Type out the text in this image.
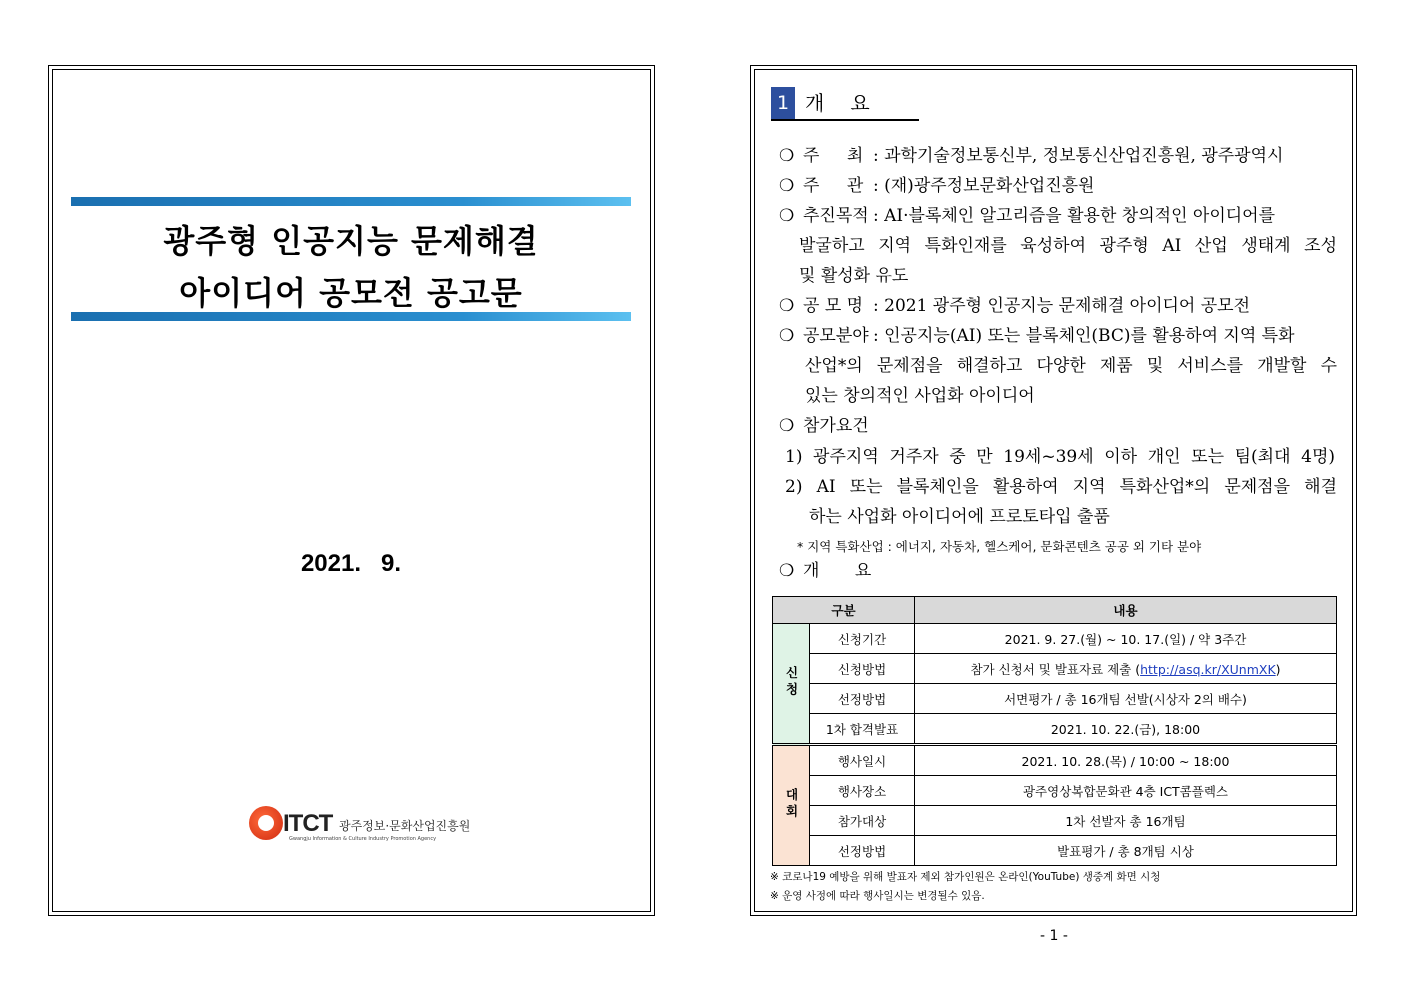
광주형 인공지능 문제해결
아이디어 공모전 공고문
2021.   9.
ITCT 광주정보·문화산업진흥원
Gwangju Information & Culture Industry Promotion Agency
1 개요
❍ 주 최 : 과학기술정보통신부, 정보통신산업진흥원, 광주광역시
❍ 주 관 : (재)광주정보문화산업진흥원
❍ 추진목적 : AI·블록체인 알고리즘을 활용한 창의적인 아이디어를
발굴하고 지역 특화인재를 육성하여 광주형 AI 산업 생태계 조성
및 활성화 유도
❍ 공 모 명 : 2021 광주형 인공지능 문제해결 아이디어 공모전
❍ 공모분야 : 인공지능(AI) 또는 블록체인(BC)를 활용하여 지역 특화
산업*의 문제점을 해결하고 다양한 제품 및 서비스를 개발할 수
있는 창의적인 사업화 아이디어
❍ 참가요건
1) 광주지역 거주자 중 만 19세~39세 이하 개인 또는 팀(최대 4명)
2) AI 또는 블록체인을 활용하여 지역 특화산업*의 문제점을 해결
하는 사업화 아이디어에 프로토타입 출품
* 지역 특화산업 : 에너지, 자동차, 헬스케어, 문화콘텐츠 공공 외 기타 분야
❍ 개 요
구분		내용
신청	신청기간	2021. 9. 27.(월) ~ 10. 17.(일) / 약 3주간
	신청방법	참가 신청서 및 발표자료 제출 (http://asq.kr/XUnmXK)
	선정방법	서면평가 / 총 16개팀 선발(시상자 2의 배수)
	1차 합격발표	2021. 10. 22.(금), 18:00
대회	행사일시	2021. 10. 28.(목) / 10:00 ~ 18:00
	행사장소	광주영상복합문화관 4층 ICT콤플렉스
	참가대상	1차 선발자 총 16개팀
	선정방법	발표평가 / 총 8개팀 시상
※ 코로나19 예방을 위해 발표자 제외 참가인원은 온라인(YouTube) 생중계 화면 시청
※ 운영 사정에 따라 행사일시는 변경될수 있음.
- 1 -
